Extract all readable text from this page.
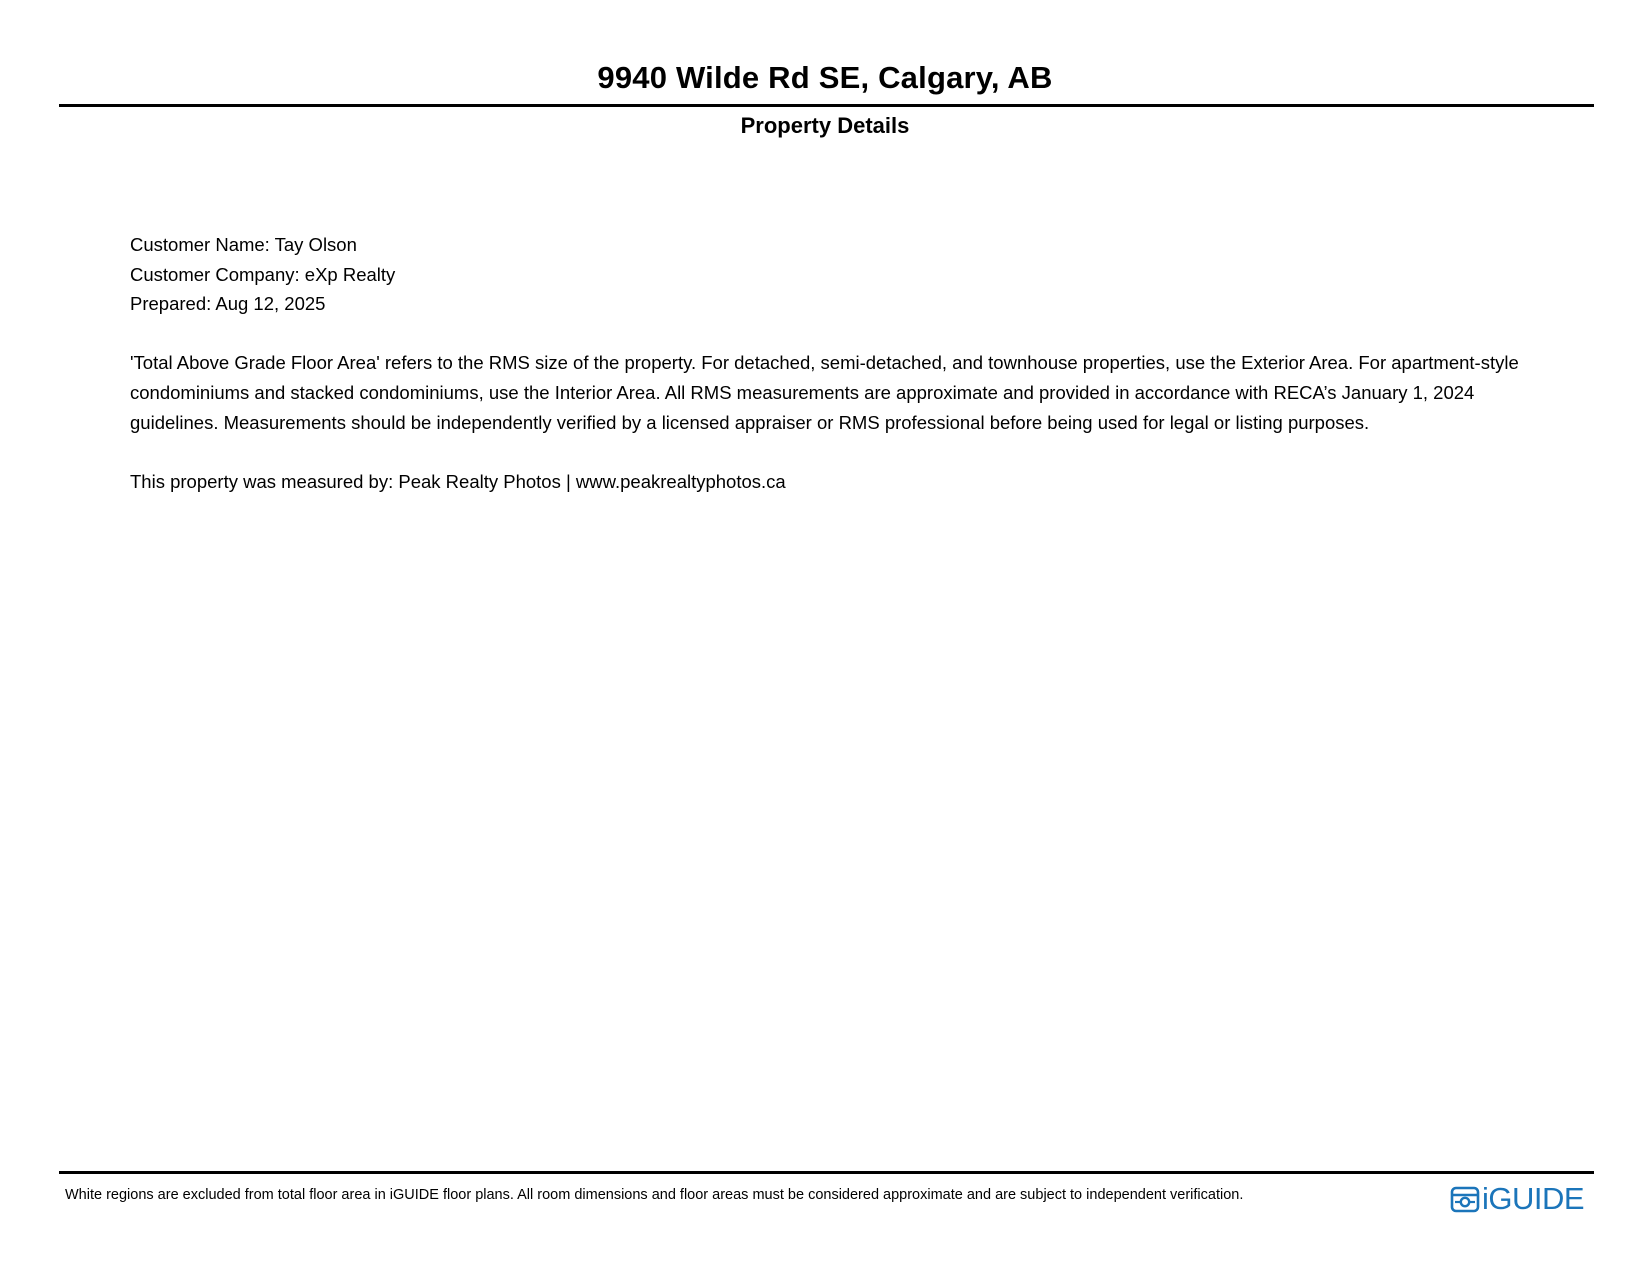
9940 Wilde Rd SE, Calgary, AB
Property Details

Customer Name: Tay Olson

Customer Company: eXp Realty

Prepared: Aug 12, 2025

'Total Above Grade Floor Area' refers to the RMS size of the property. For detached, semi-detached, and townhouse properties, use the Exterior Area. For apartment-style condominiums and stacked condominiums, use the Interior Area. All RMS measurements are approximate and provided in accordance with RECA’s January 1, 2024 guidelines. Measurements should be independently verified by a licensed appraiser or RMS professional before being used for legal or listing purposes.

This property was measured by: Peak Realty Photos | www.peakrealtyphotos.ca

White regions are excluded from total floor area in iGUIDE floor plans. All room dimensions and floor areas must be considered approximate and are subject to independent verification.	iGUIDE
